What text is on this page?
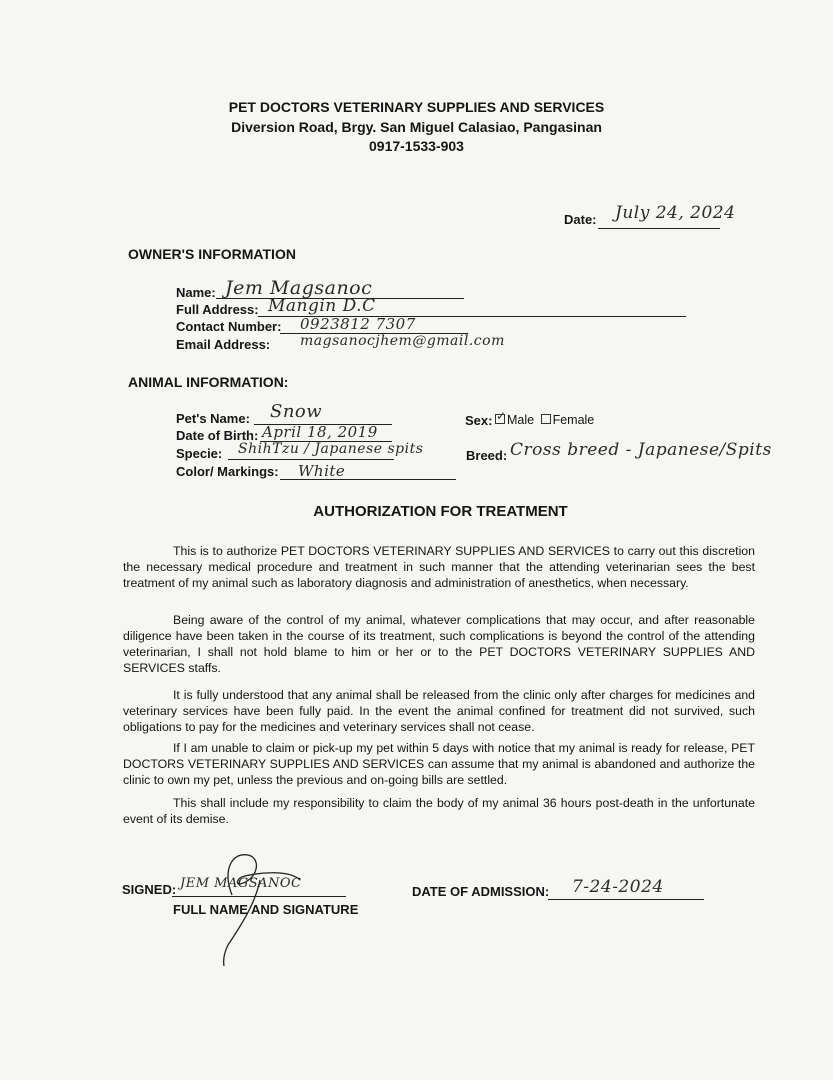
PET DOCTORS VETERINARY SUPPLIES AND SERVICES
Diversion Road, Brgy. San Miguel Calasiao, Pangasinan
0917-1533-903
Date: July 24, 2024
OWNER'S INFORMATION
Name: Jem Magsanoc
Full Address: Mangin D.C
Contact Number: 0923812 7307
Email Address: magsanocjhem@gmail.com
ANIMAL INFORMATION:
Pet's Name: Snow
Date of Birth: April 18, 2019
Specie: ShihTzu / Japanese spits
Color/ Markings: White
Sex: ✓ Male Female
Breed: Cross breed - Japanese/Spits
AUTHORIZATION FOR TREATMENT

This is to authorize PET DOCTORS VETERINARY SUPPLIES AND SERVICES to carry out this discretion the necessary medical procedure and treatment in such manner that the attending veterinarian sees the best treatment of my animal such as laboratory diagnosis and administration of anesthetics, when necessary.

Being aware of the control of my animal, whatever complications that may occur, and after reasonable diligence have been taken in the course of its treatment, such complications is beyond the control of the attending veterinarian, I shall not hold blame to him or her or to the PET DOCTORS VETERINARY SUPPLIES AND SERVICES staffs.

It is fully understood that any animal shall be released from the clinic only after charges for medicines and veterinary services have been fully paid. In the event the animal confined for treatment did not survived, such obligations to pay for the medicines and veterinary services shall not cease.

If I am unable to claim or pick-up my pet within 5 days with notice that my animal is ready for release, PET DOCTORS VETERINARY SUPPLIES AND SERVICES can assume that my animal is abandoned and authorize the clinic to own my pet, unless the previous and on-going bills are settled.

This shall include my responsibility to claim the body of my animal 36 hours post-death in the unfortunate event of its demise.

SIGNED: JEM MAGSANOC
FULL NAME AND SIGNATURE
DATE OF ADMISSION: 7-24-2024
